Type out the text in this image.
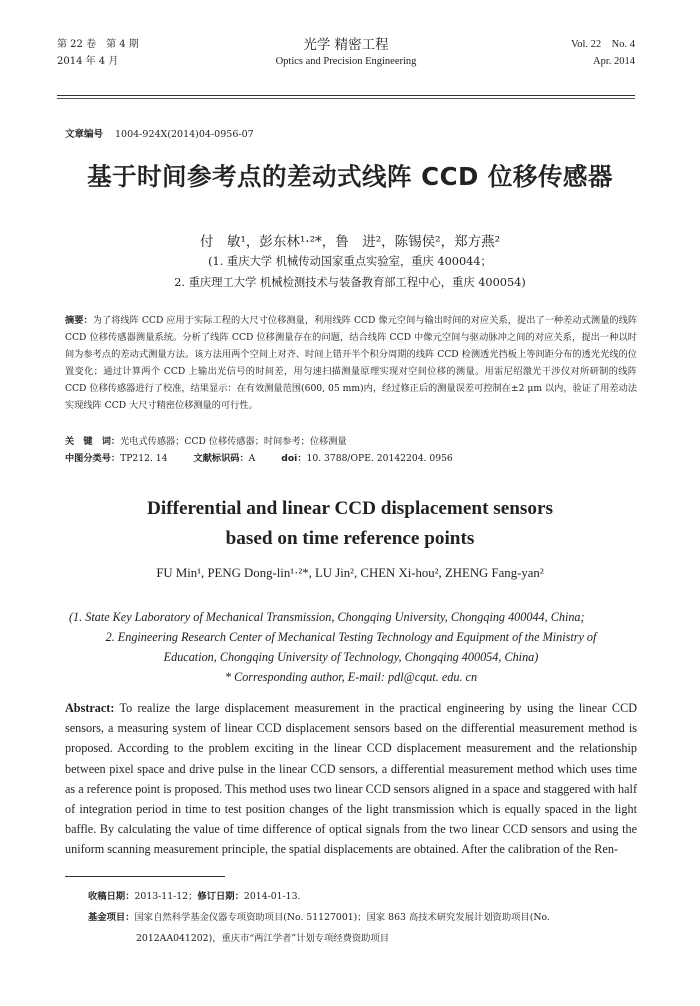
第 22 卷　第 4 期
2014 年 4 月
光学 精密工程
Optics and Precision Engineering
Vol. 22　No. 4
Apr. 2014
文章编号 1004-924X(2014)04-0956-07
基于时间参考点的差动式线阵 CCD 位移传感器
付　敏¹，彭东林¹·²*，鲁　进²，陈锡侯²，郑方燕²
(1. 重庆大学 机械传动国家重点实验室，重庆 400044；
2. 重庆理工大学 机械检测技术与装备教育部工程中心，重庆 400054)
摘要：为了将线阵 CCD 应用于实际工程的大尺寸位移测量，利用线阵 CCD 像元空间与输出时间的对应关系，提出了一种差动式测量的线阵 CCD 位移传感器测量系统。分析了线阵 CCD 位移测量存在的问题，结合线阵 CCD 中像元空间与驱动脉冲之间的对应关系，提出一种以时间为参考点的差动式测量方法。该方法用两个空间上对齐、时间上错开半个积分周期的线阵 CCD 检测透光挡板上等间距分布的透光光线的位置变化；通过计算两个 CCD 上输出光信号的时间差，用匀速扫描测量原理实现对空间位移的测量。用雷尼绍激光干涉仪对所研制的线阵 CCD 位移传感器进行了校准，结果显示：在有效测量范围(600, 05 mm)内，经过修正后的测量误差可控制在±2 μm 以内，验证了用差动法实现线阵 CCD 大尺寸精密位移测量的可行性。
关　键　词：光电式传感器；CCD 位移传感器；时间参考；位移测量
中图分类号：TP212. 14	文献标识码：A	doi：10. 3788/OPE. 20142204. 0956
Differential and linear CCD displacement sensors
based on time reference points
FU Min¹, PENG Dong-lin¹·²*, LU Jin², CHEN Xi-hou², ZHENG Fang-yan²
(1. State Key Laboratory of Mechanical Transmission, Chongqing University, Chongqing 400044, China;
2. Engineering Research Center of Mechanical Testing Technology and Equipment of the Ministry of
Education, Chongqing University of Technology, Chongqing 400054, China)
* Corresponding author, E-mail: pdl@cqut. edu. cn
Abstract: To realize the large displacement measurement in the practical engineering by using the linear CCD sensors, a measuring system of linear CCD displacement sensors based on the differential measurement method is proposed. According to the problem exciting in the linear CCD displacement measurement and the relationship between pixel space and drive pulse in the linear CCD sensors, a differential measurement method which uses time as a reference point is proposed. This method uses two linear CCD sensors aligned in a space and staggered with half of integration period in time to test position changes of the light transmission which is equally spaced in the light baffle. By calculating the value of time difference of optical signals from the two linear CCD sensors and using the uniform scanning measurement principle, the spatial displacements are obtained. After the calibration of the Ren-
收稿日期：2013-11-12；修订日期：2014-01-13.
基金项目：国家自然科学基金仪器专项资助项目(No. 51127001)；国家 863 高技术研究发展计划资助项目(No.
2012AA041202)，重庆市“两江学者”计划专项经费资助项目
